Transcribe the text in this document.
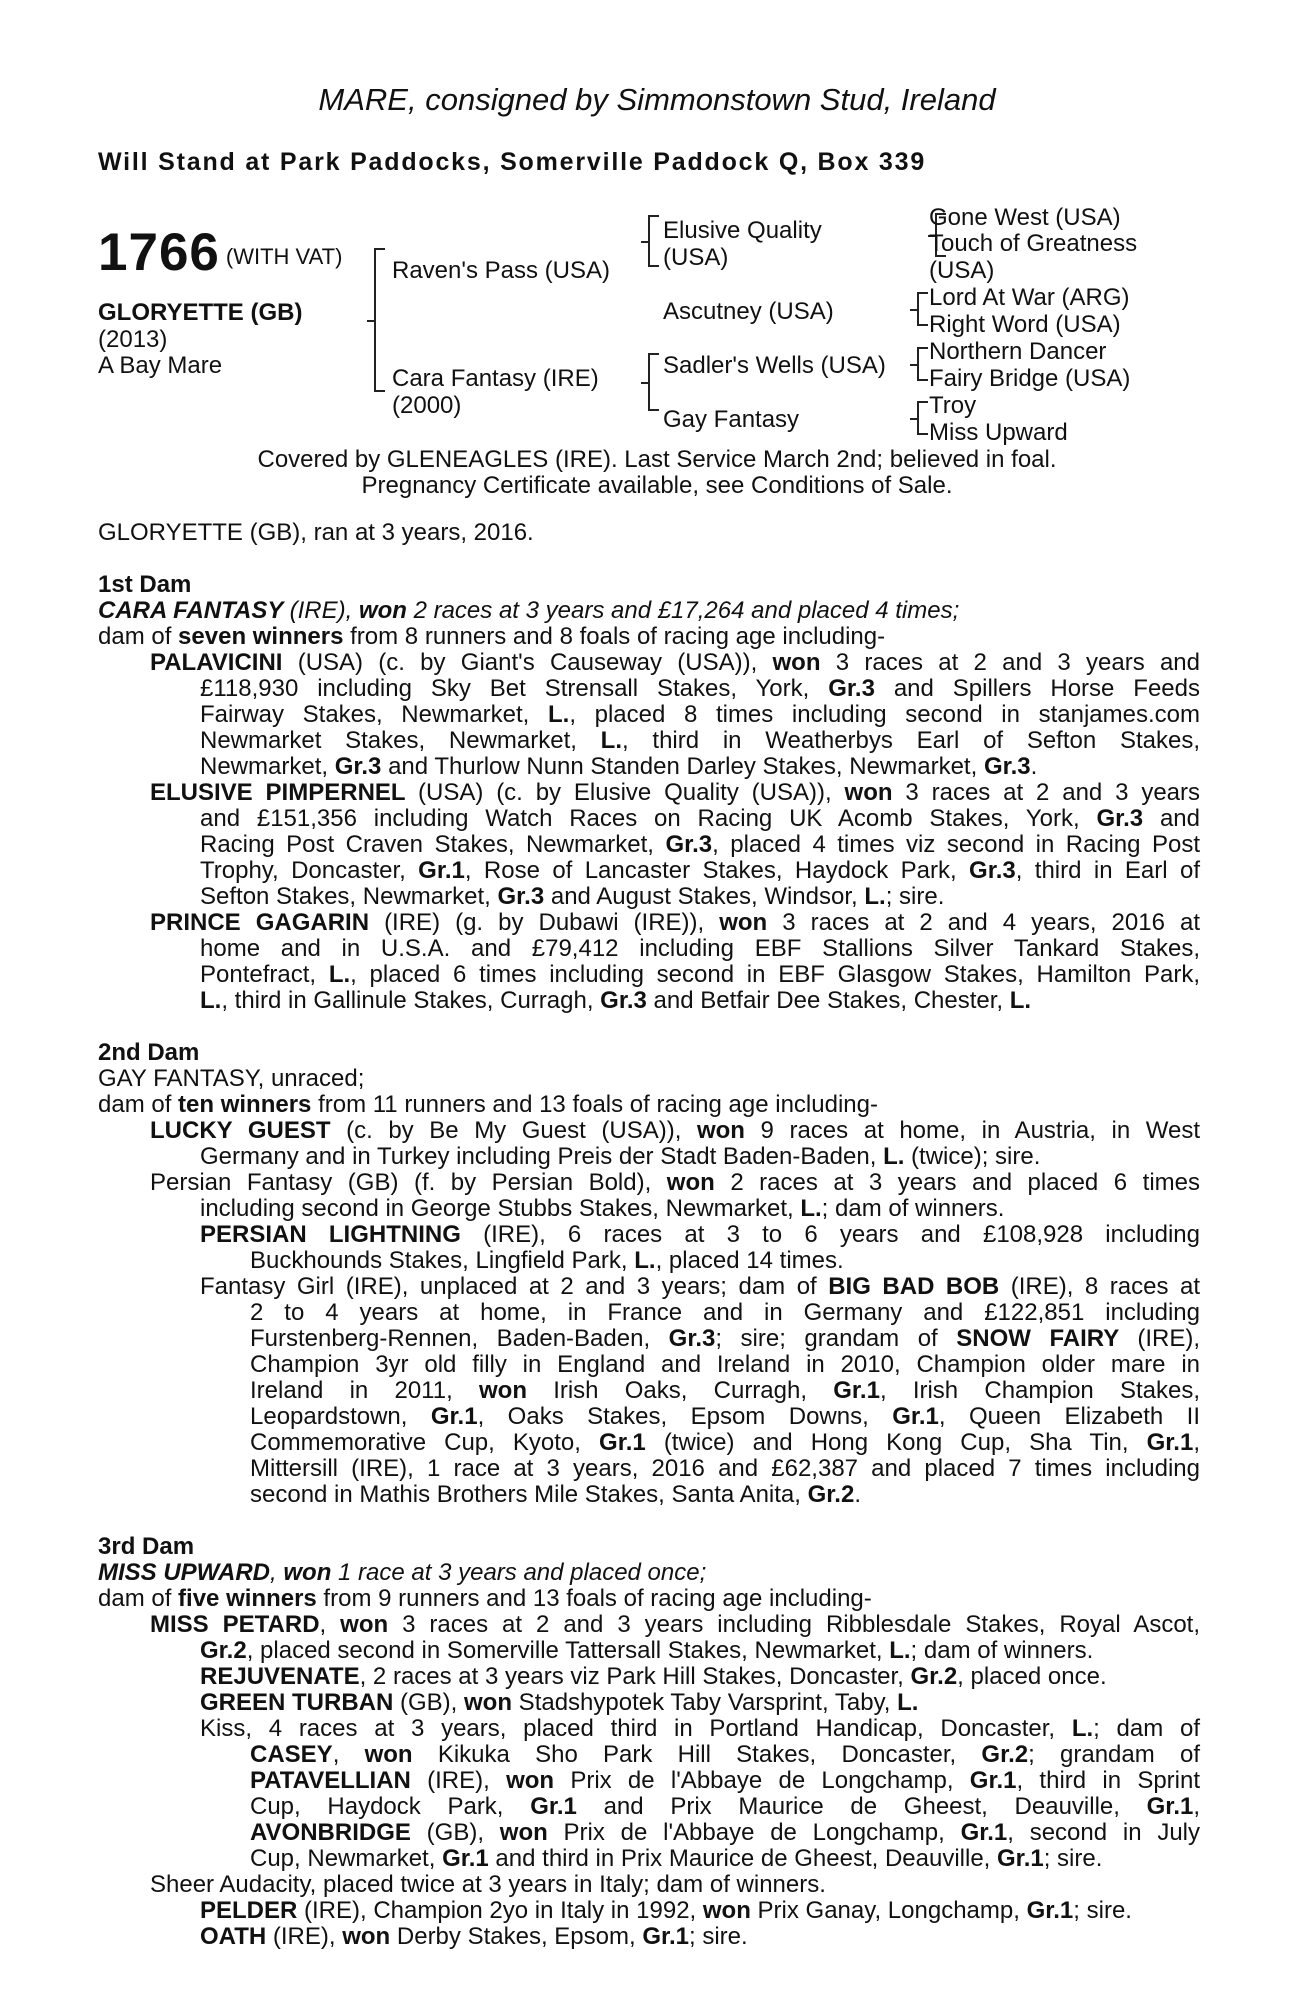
MARE, consigned by Simmonstown Stud, Ireland
Will Stand at Park Paddocks, Somerville Paddock Q, Box 339
1766 (WITH VAT)
GLORYETTE (GB)
(2013)
A Bay Mare
Raven's Pass (USA)
Cara Fantasy (IRE)
(2000)
Elusive Quality
(USA)
Ascutney (USA)
Sadler's Wells (USA)
Gay Fantasy
Gone West (USA)
Touch of Greatness
(USA)
Lord At War (ARG)
Right Word (USA)
Northern Dancer
Fairy Bridge (USA)
Troy
Miss Upward
Covered by GLENEAGLES (IRE). Last Service March 2nd; believed in foal.
Pregnancy Certificate available, see Conditions of Sale.
GLORYETTE (GB), ran at 3 years, 2016.
1st Dam
CARA FANTASY (IRE), won 2 races at 3 years and £17,264 and placed 4 times;
dam of seven winners from 8 runners and 8 foals of racing age including-
PALAVICINI (USA) (c. by Giant's Causeway (USA)), won 3 races at 2 and 3 years and
£118,930 including Sky Bet Strensall Stakes, York, Gr.3 and Spillers Horse Feeds
Fairway Stakes, Newmarket, L., placed 8 times including second in stanjames.com
Newmarket Stakes, Newmarket, L., third in Weatherbys Earl of Sefton Stakes,
Newmarket, Gr.3 and Thurlow Nunn Standen Darley Stakes, Newmarket, Gr.3.
ELUSIVE PIMPERNEL (USA) (c. by Elusive Quality (USA)), won 3 races at 2 and 3 years
and £151,356 including Watch Races on Racing UK Acomb Stakes, York, Gr.3 and
Racing Post Craven Stakes, Newmarket, Gr.3, placed 4 times viz second in Racing Post
Trophy, Doncaster, Gr.1, Rose of Lancaster Stakes, Haydock Park, Gr.3, third in Earl of
Sefton Stakes, Newmarket, Gr.3 and August Stakes, Windsor, L.; sire.
PRINCE GAGARIN (IRE) (g. by Dubawi (IRE)), won 3 races at 2 and 4 years, 2016 at
home and in U.S.A. and £79,412 including EBF Stallions Silver Tankard Stakes,
Pontefract, L., placed 6 times including second in EBF Glasgow Stakes, Hamilton Park,
L., third in Gallinule Stakes, Curragh, Gr.3 and Betfair Dee Stakes, Chester, L.
2nd Dam
GAY FANTASY, unraced;
dam of ten winners from 11 runners and 13 foals of racing age including-
LUCKY GUEST (c. by Be My Guest (USA)), won 9 races at home, in Austria, in West
Germany and in Turkey including Preis der Stadt Baden-Baden, L. (twice); sire.
Persian Fantasy (GB) (f. by Persian Bold), won 2 races at 3 years and placed 6 times
including second in George Stubbs Stakes, Newmarket, L.; dam of winners.
PERSIAN LIGHTNING (IRE), 6 races at 3 to 6 years and £108,928 including
Buckhounds Stakes, Lingfield Park, L., placed 14 times.
Fantasy Girl (IRE), unplaced at 2 and 3 years; dam of BIG BAD BOB (IRE), 8 races at
2 to 4 years at home, in France and in Germany and £122,851 including
Furstenberg-Rennen, Baden-Baden, Gr.3; sire; grandam of SNOW FAIRY (IRE),
Champion 3yr old filly in England and Ireland in 2010, Champion older mare in
Ireland in 2011, won Irish Oaks, Curragh, Gr.1, Irish Champion Stakes,
Leopardstown, Gr.1, Oaks Stakes, Epsom Downs, Gr.1, Queen Elizabeth II
Commemorative Cup, Kyoto, Gr.1 (twice) and Hong Kong Cup, Sha Tin, Gr.1,
Mittersill (IRE), 1 race at 3 years, 2016 and £62,387 and placed 7 times including
second in Mathis Brothers Mile Stakes, Santa Anita, Gr.2.
3rd Dam
MISS UPWARD, won 1 race at 3 years and placed once;
dam of five winners from 9 runners and 13 foals of racing age including-
MISS PETARD, won 3 races at 2 and 3 years including Ribblesdale Stakes, Royal Ascot,
Gr.2, placed second in Somerville Tattersall Stakes, Newmarket, L.; dam of winners.
REJUVENATE, 2 races at 3 years viz Park Hill Stakes, Doncaster, Gr.2, placed once.
GREEN TURBAN (GB), won Stadshypotek Taby Varsprint, Taby, L.
Kiss, 4 races at 3 years, placed third in Portland Handicap, Doncaster, L.; dam of
CASEY, won Kikuka Sho Park Hill Stakes, Doncaster, Gr.2; grandam of
PATAVELLIAN (IRE), won Prix de l'Abbaye de Longchamp, Gr.1, third in Sprint
Cup, Haydock Park, Gr.1 and Prix Maurice de Gheest, Deauville, Gr.1,
AVONBRIDGE (GB), won Prix de l'Abbaye de Longchamp, Gr.1, second in July
Cup, Newmarket, Gr.1 and third in Prix Maurice de Gheest, Deauville, Gr.1; sire.
Sheer Audacity, placed twice at 3 years in Italy; dam of winners.
PELDER (IRE), Champion 2yo in Italy in 1992, won Prix Ganay, Longchamp, Gr.1; sire.
OATH (IRE), won Derby Stakes, Epsom, Gr.1; sire.
